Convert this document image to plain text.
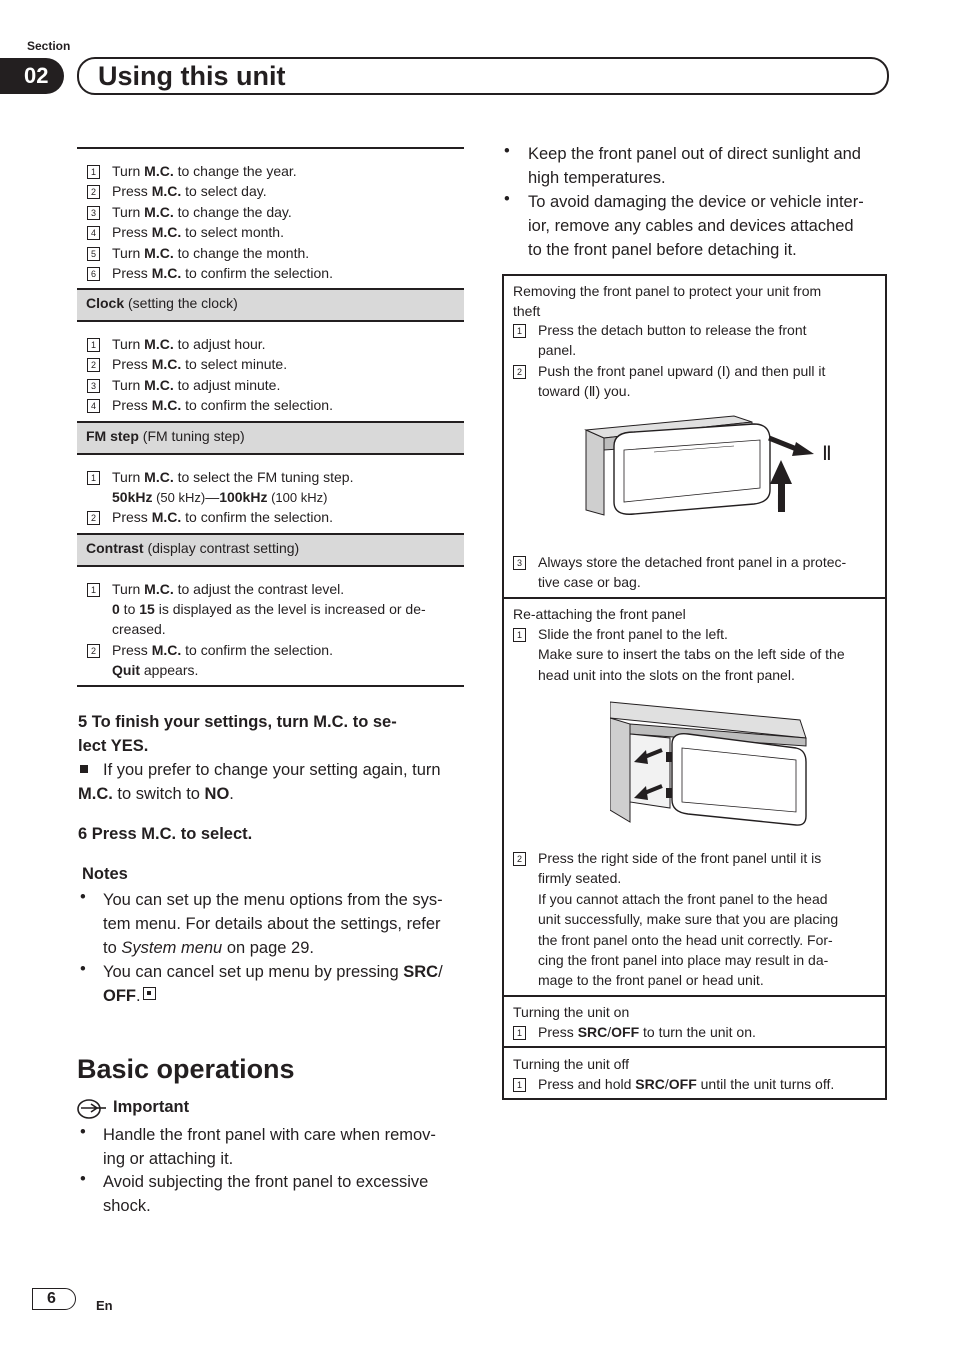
Section
02	Using this unit
1 Turn M.C. to change the year.
2 Press M.C. to select day.
3 Turn M.C. to change the day.
4 Press M.C. to select month.
5 Turn M.C. to change the month.
6 Press M.C. to confirm the selection.
Clock (setting the clock)
1 Turn M.C. to adjust hour.
2 Press M.C. to select minute.
3 Turn M.C. to adjust minute.
4 Press M.C. to confirm the selection.
FM step (FM tuning step)
1 Turn M.C. to select the FM tuning step.
50kHz (50 kHz)—100kHz (100 kHz)
2 Press M.C. to confirm the selection.
Contrast (display contrast setting)
1 Turn M.C. to adjust the contrast level.
0 to 15 is displayed as the level is increased or de-
creased.
2 Press M.C. to confirm the selection.
Quit appears.
5 To finish your settings, turn M.C. to se-
lect YES.
If you prefer to change your setting again, turn
M.C. to switch to NO.
6 Press M.C. to select.
Notes
• You can set up the menu options from the sys-
tem menu. For details about the settings, refer
to System menu on page 29.
• You can cancel set up menu by pressing SRC/
OFF.
Basic operations
Important
• Handle the front panel with care when remov-
ing or attaching it.
• Avoid subjecting the front panel to excessive
shock.
• Keep the front panel out of direct sunlight and
high temperatures.
• To avoid damaging the device or vehicle inter-
ior, remove any cables and devices attached
to the front panel before detaching it.
Removing the front panel to protect your unit from
theft
1 Press the detach button to release the front
panel.
2 Push the front panel upward (Ⅰ) and then pull it
toward (Ⅱ) you.
Ⅱ
Ⅰ
3 Always store the detached front panel in a protec-
tive case or bag.
Re-attaching the front panel
1 Slide the front panel to the left.
Make sure to insert the tabs on the left side of the
head unit into the slots on the front panel.
2 Press the right side of the front panel until it is
firmly seated.
If you cannot attach the front panel to the head
unit successfully, make sure that you are placing
the front panel onto the head unit correctly. For-
cing the front panel into place may result in da-
mage to the front panel or head unit.
Turning the unit on
1 Press SRC/OFF to turn the unit on.
Turning the unit off
1 Press and hold SRC/OFF until the unit turns off.
6	En
